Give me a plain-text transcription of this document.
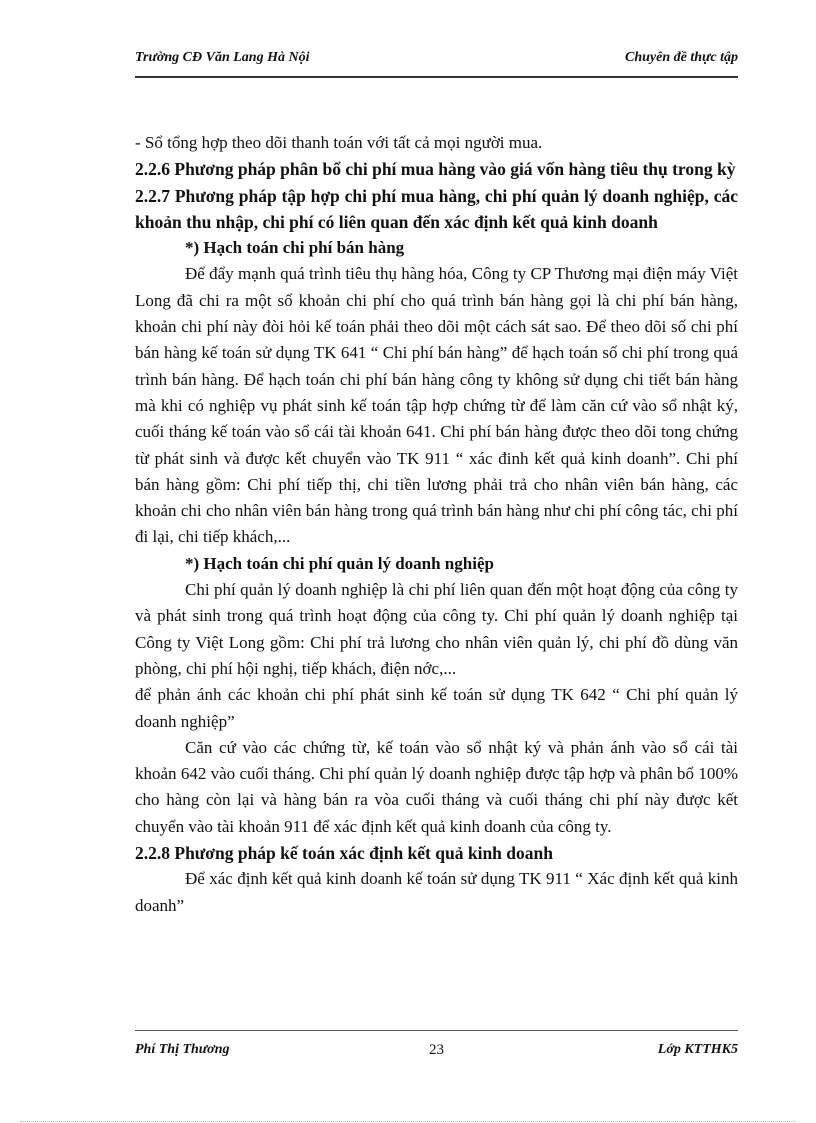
Trường CĐ Văn Lang Hà Nội	Chuyên đề thực tập

- Sổ tổng hợp theo dõi thanh toán với tất cả mọi người mua.

2.2.6 Phương pháp phân bổ chi phí mua hàng vào giá vốn hàng tiêu thụ trong kỳ

2.2.7 Phương pháp tập hợp chi phí mua hàng, chi phí quản lý doanh nghiệp, các khoản thu nhập, chi phí có liên quan đến xác định kết quả kinh doanh

*) Hạch toán chi phí bán hàng

Để đẩy mạnh quá trình tiêu thụ hàng hóa, Công ty CP Thương mại điện máy Việt Long đã chi ra một số khoản chi phí cho quá trình bán hàng gọi là chi phí bán hàng, khoản chi phí này đòi hỏi kế toán phải theo dõi một cách sát sao. Để theo dõi số chi phí bán hàng kế toán sử dụng TK 641 “ Chi phí bán hàng” để hạch toán số chi phí trong quá trình bán hàng. Để hạch toán chi phí bán hàng công ty không sử dụng chi tiết bán hàng mà khi có nghiệp vụ phát sinh kế toán tập hợp chứng từ để làm căn cứ vào sổ nhật ký, cuối tháng kế toán vào sổ cái tài khoản 641. Chi phí bán hàng được theo dõi tong chứng từ phát sinh và được kết chuyển vào TK 911 “ xác đinh kết quả kinh doanh”. Chi phí bán hàng gồm: Chi phí tiếp thị, chi tiền lương phải trả cho nhân viên bán hàng, các khoản chi cho nhân viên bán hàng trong quá trình bán hàng như chi phí công tác, chi phí đi lại, chi tiếp khách,...

*) Hạch toán chi phí quản lý doanh nghiệp

Chi phí quản lý doanh nghiệp là chi phí liên quan đến một hoạt động của công ty và phát sinh trong quá trình hoạt động của công ty. Chi phí quản lý doanh nghiệp tại Công ty Việt Long gồm: Chi phí trả lương cho nhân viên quản lý, chi phí đồ dùng văn phòng, chi phí hội nghị, tiếp khách, điện nớc,...

để phản ánh các khoản chi phí phát sinh kế toán sử dụng TK 642 “ Chi phí quản lý doanh nghiệp”

Căn cứ vào các chứng từ, kế toán vào sổ nhật ký và phản ánh vào sổ cái tài khoản 642 vào cuối tháng. Chi phí quản lý doanh nghiệp được tập hợp và phân bổ 100% cho hàng còn lại và hàng bán ra vòa cuối tháng và cuối tháng chi phí này được kết chuyển vào tài khoản 911 để xác định kết quả kinh doanh của công ty.

2.2.8 Phương pháp kế toán xác định kết quả kinh doanh

Để xác định kết quả kinh doanh kế toán sử dụng TK 911 “ Xác định kết quả kinh doanh”

Phí Thị Thương	23	Lớp KTTHK5
